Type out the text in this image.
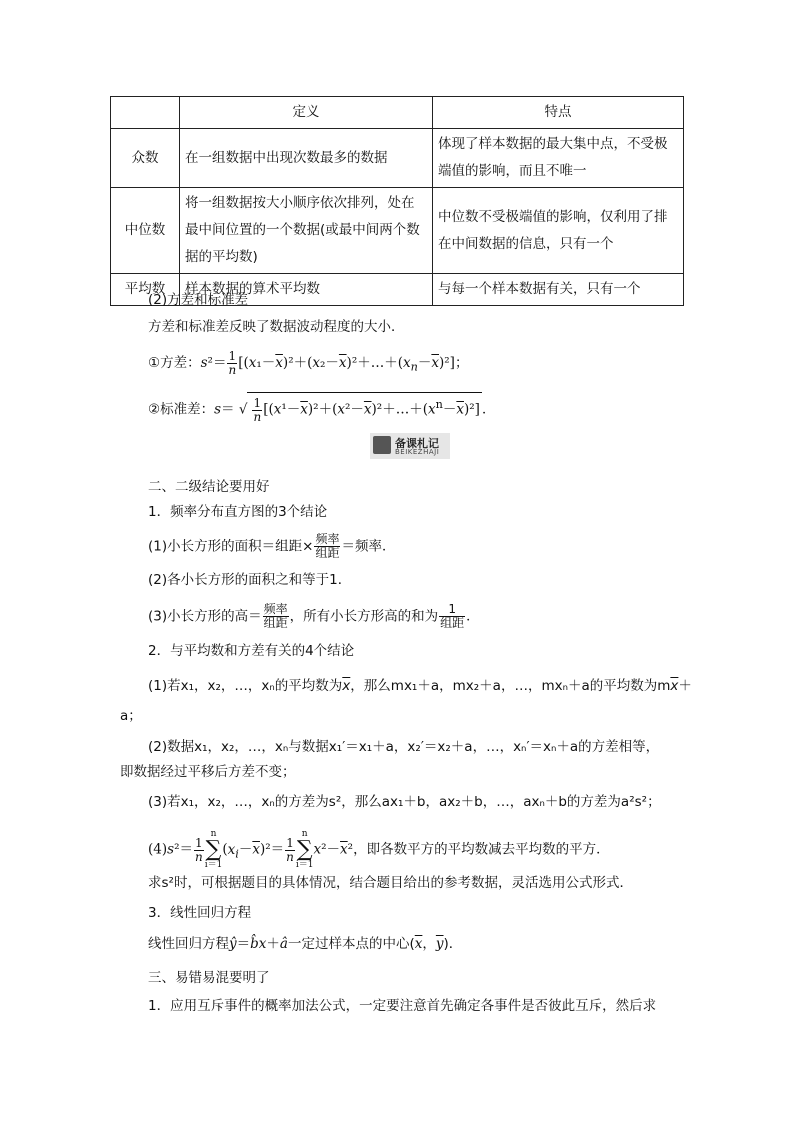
	定义	特点
众数	在一组数据中出现次数最多的数据	体现了样本数据的最大集中点，不受极端值的影响，而且不唯一
中位数	将一组数据按大小顺序依次排列，处在最中间位置的一个数据(或最中间两个数据的平均数)	中位数不受极端值的影响，仅利用了排在中间数据的信息，只有一个
平均数	样本数据的算术平均数	与每一个样本数据有关，只有一个
(2)方差和标准差
方差和标准差反映了数据波动程度的大小．
①方差：$s^2= \frac{1}{n}$ $[(x_1-\overline{x})^2+(x_2-\overline{x})^2+\dots+(x_n-\overline{x})^2]$；
②标准差：s＝ √ $\frac{1}{n}$ $[(x^1-\overline{x})^2+(x^2-\overline{x})^2+\dots+(x^n-\overline{x})^2]$ ．
备课札记
BEIKEZHAJI
二、二级结论要用好
1．频率分布直方图的3个结论
(1)小长方形的面积＝组距× $\frac{\text{频率}}{\text{组距}}$ ＝频率．
(2)各小长方形的面积之和等于1．
(3)小长方形的高＝ $\frac{\text{频率}}{\text{组距}}$ ，所有小长方形高的和为 $\frac{1}{\text{组距}}$ ．
2．与平均数和方差有关的4个结论
(1)若x₁，x₂，…，xₙ的平均数为$\overline{x}$，那么mx₁＋a，mx₂＋a，…，mxₙ＋a的平均数为$m\overline{x}+$
a；
(2)数据x₁，x₂，…，xₙ与数据x₁′＝x₁＋a，x₂′＝x₂＋a，…，xₙ′＝xₙ＋a的方差相等，
即数据经过平移后方差不变；
(3)若x₁，x₂，…，xₙ的方差为s²，那么ax₁＋b，ax₂＋b，…，axₙ＋b的方差为a²s²；
$(4)s^2= \frac{1}{n}$
n
∑
$i=1(x_i-\overline{x})^2= \frac{1}{n}$
n
∑
$i=1x^2-\overline{x}^2$，即各数平方的平均数减去平均数的平方．
求s²时，可根据题目的具体情况，结合题目给出的参考数据，灵活选用公式形式．
3．线性回归方程
线性回归方程ŷ＝b̂x＋â一定过样本点的中心($\overline{x}$，$\overline{y}$)．
三、易错易混要明了
1．应用互斥事件的概率加法公式，一定要注意首先确定各事件是否彼此互斥，然后求
